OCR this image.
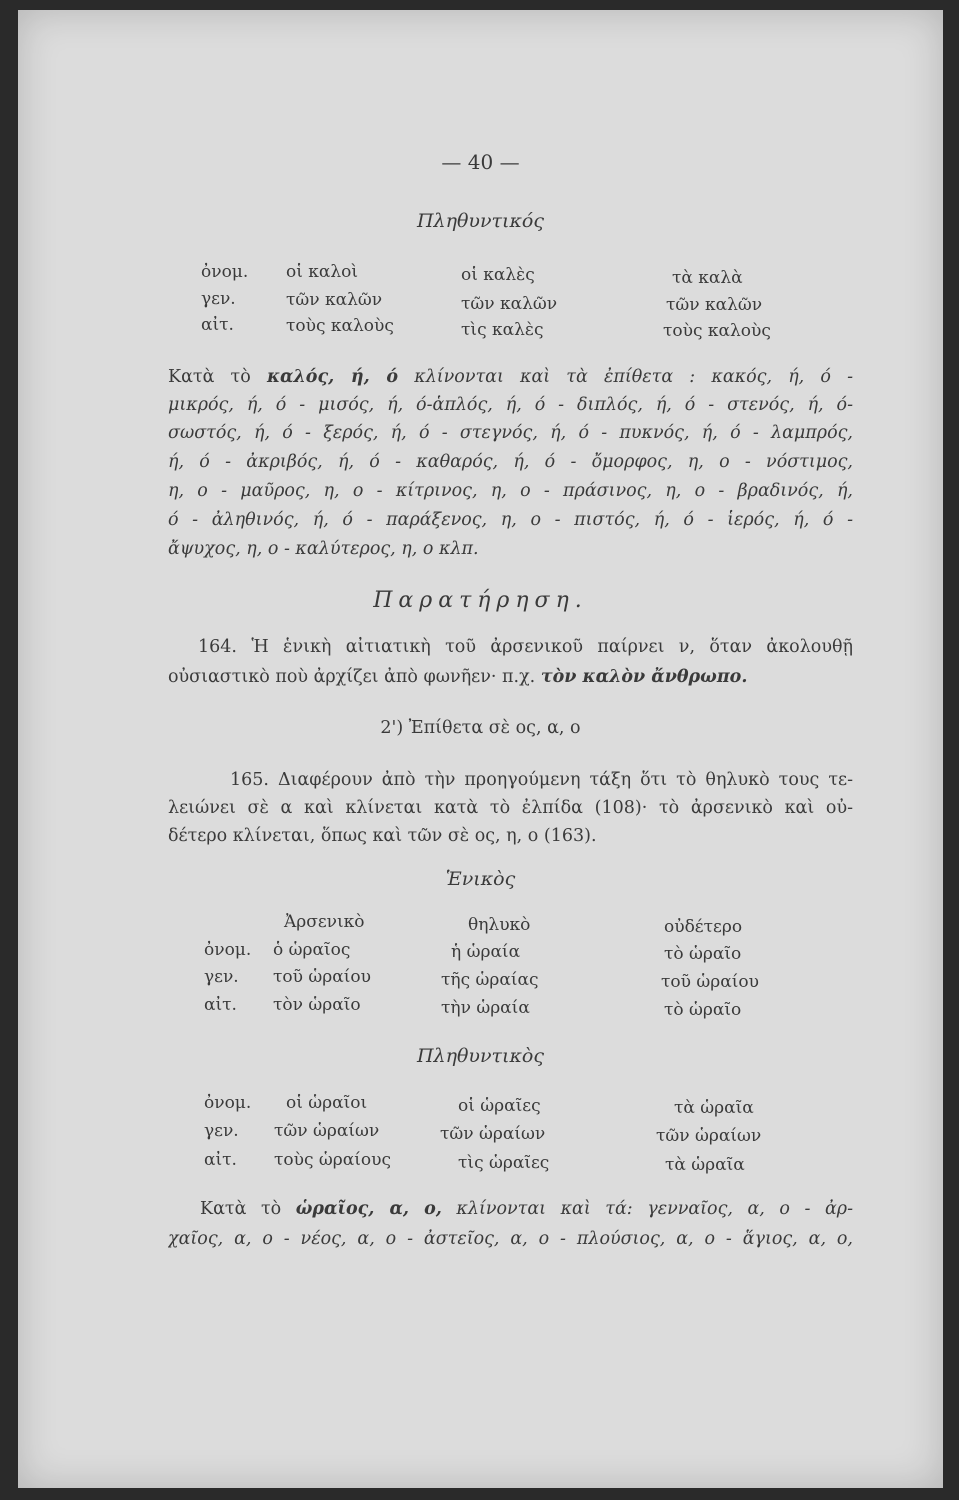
— 40 —
Πληθυντικός
ὀνομ. οἱ καλοὶ	οἱ καλὲς	τὰ καλὰ
γεν.	τῶν καλῶν	τῶν καλῶν	τῶν καλῶν
αἰτ.	τοὺς καλοὺς	τὶς καλὲς	τοὺς καλοὺς
Κατὰ τὸ καλός, ή, ό κλίνονται καὶ τὰ ἐπίθετα : κακός, ή, ό -
μικρός, ή, ό - μισός, ή, ό-ἁπλός, ή, ό - διπλός, ή, ό - στενός, ή, ό-
σωστός, ή, ό - ξερός, ή, ό - στεγνός, ή, ό - πυκνός, ή, ό - λαμπρός,
ή, ό - ἀκριβός, ή, ό - καθαρός, ή, ό - ὄμορφος, η, ο - νόστιμος,
η, ο - μαῦρος, η, ο - κίτρινος, η, ο - πράσινος, η, ο - βραδινός, ή,
ό - ἀληθινός, ή, ό - παράξενος, η, ο - πιστός, ή, ό - ἱερός, ή, ό -
ἄψυχος, η, ο - καλύτερος, η, ο κλπ.
Παρατήρηση.
164. Ἡ ἑνικὴ αἰτιατικὴ τοῦ ἀρσενικοῦ παίρνει ν, ὅταν ἀκολουθῇ
οὐσιαστικὸ ποὺ ἀρχίζει ἀπὸ φωνῆεν· π.χ. τὸν καλὸν ἄνθρωπο.
2') Ἐπίθετα σὲ ος, α, ο
165. Διαφέρουν ἀπὸ τὴν προηγούμενη τάξη ὅτι τὸ θηλυκὸ τους τε-
λειώνει σὲ α καὶ κλίνεται κατὰ τὸ ἐλπίδα (108)· τὸ ἀρσενικὸ καὶ οὐ-
δέτερο κλίνεται, ὅπως καὶ τῶν σὲ ος, η, ο (163).
Ἑνικὸς
Ἀρσενικὸ	θηλυκὸ	οὐδέτερο
ὀνομ. ὁ ὡραῖος	ἡ ὡραία	τὸ ὡραῖο
γεν. τοῦ ὡραίου	τῆς ὡραίας	τοῦ ὡραίου
αἰτ. τὸν ὡραῖο	τὴν ὡραία	τὸ ὡραῖο
Πληθυντικὸς
ὀνομ. οἱ ὡραῖοι	οἱ ὡραῖες	τὰ ὡραῖα
γεν. τῶν ὡραίων	τῶν ὡραίων	τῶν ὡραίων
αἰτ. τοὺς ὡραίους	τὶς ὡραῖες	τὰ ὡραῖα
Κατὰ τὸ ὡραῖος, α, ο, κλίνονται καὶ τά: γενναῖος, α, ο - ἀρ-
χαῖος, α, ο - νέος, α, ο - ἀστεῖος, α, ο - πλούσιος, α, ο - ἅγιος, α, ο,
